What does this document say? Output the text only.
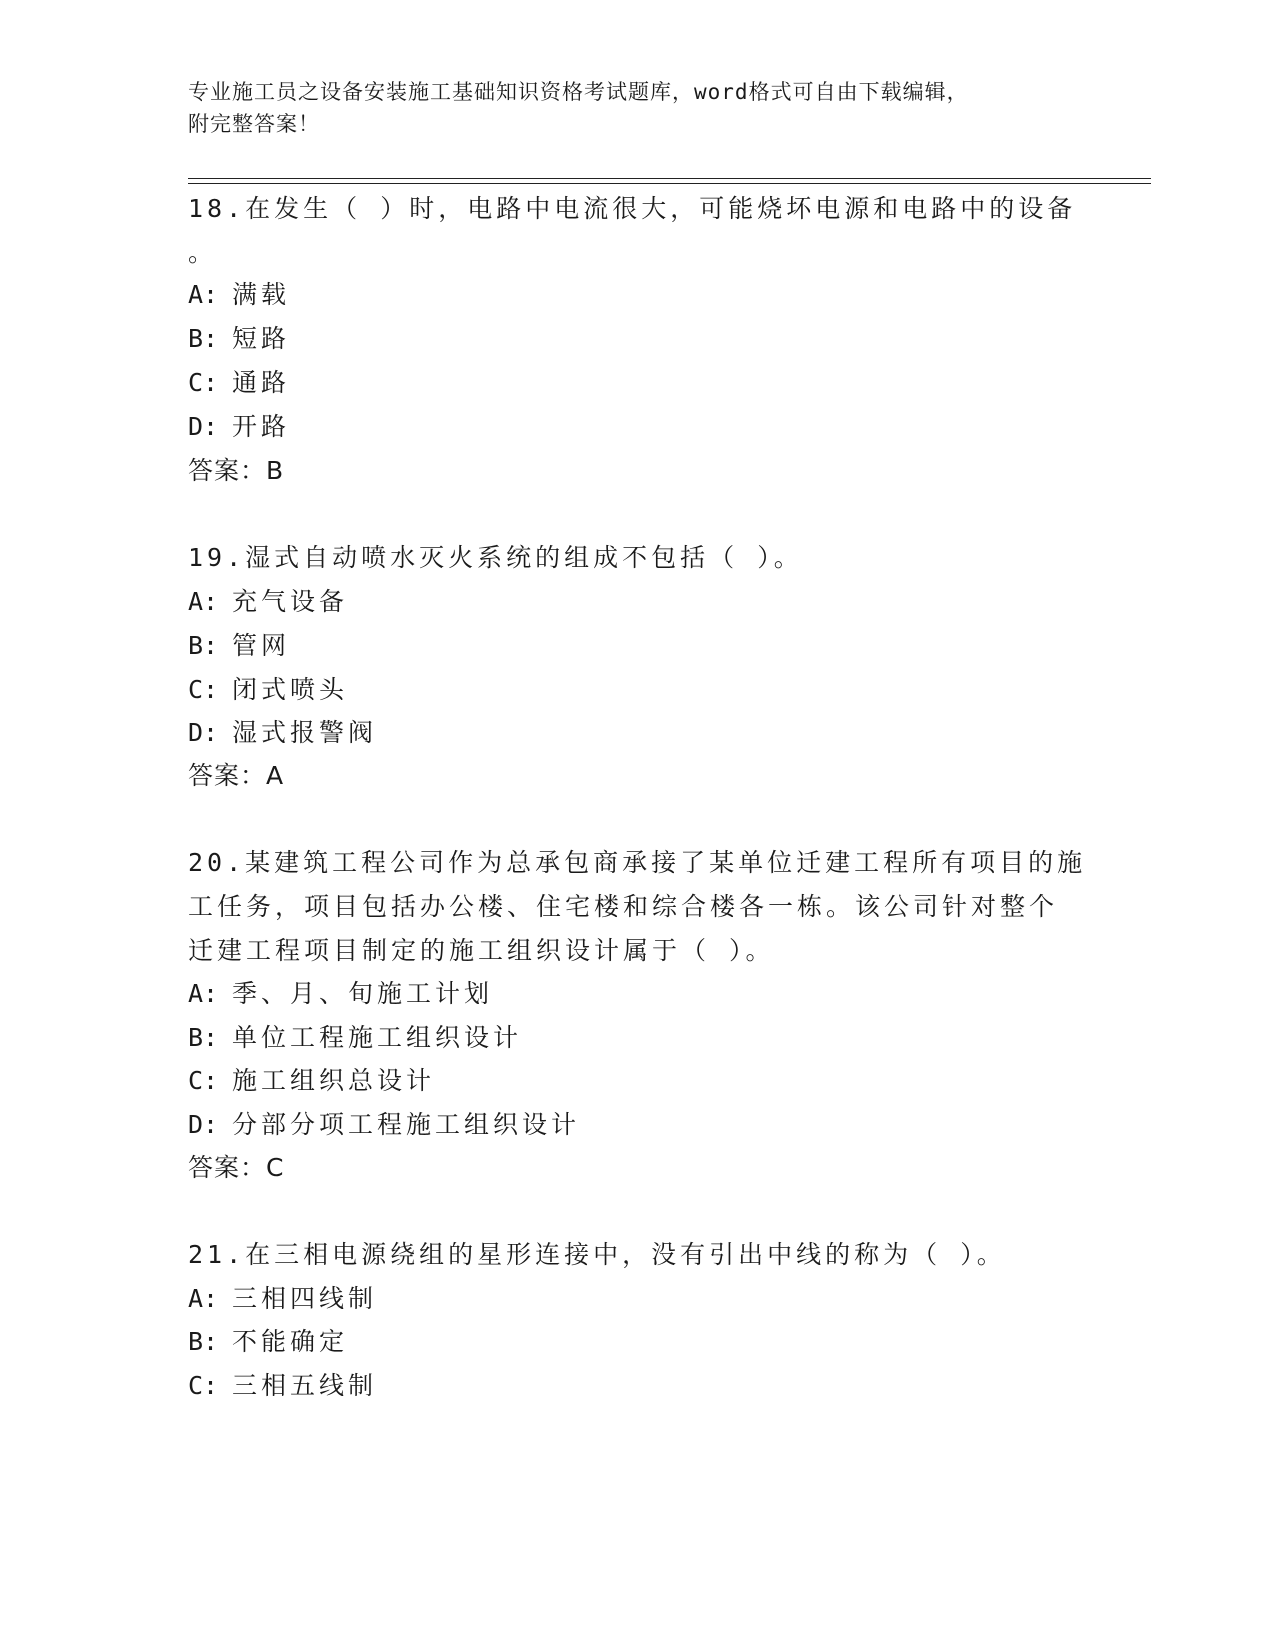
专业施工员之设备安装施工基础知识资格考试题库，word格式可自由下载编辑，
附完整答案！
18.在发生（ ）时，电路中电流很大，可能烧坏电源和电路中的设备
。
A: 满载
B: 短路
C: 通路
D: 开路
答案：B
19.湿式自动喷水灭火系统的组成不包括（ ）。
A: 充气设备
B: 管网
C: 闭式喷头
D: 湿式报警阀
答案：A
20.某建筑工程公司作为总承包商承接了某单位迁建工程所有项目的施
工任务，项目包括办公楼、住宅楼和综合楼各一栋。该公司针对整个
迁建工程项目制定的施工组织设计属于（ ）。
A: 季、月、旬施工计划
B: 单位工程施工组织设计
C: 施工组织总设计
D: 分部分项工程施工组织设计
答案：C
21.在三相电源绕组的星形连接中，没有引出中线的称为（ ）。
A: 三相四线制
B: 不能确定
C: 三相五线制
